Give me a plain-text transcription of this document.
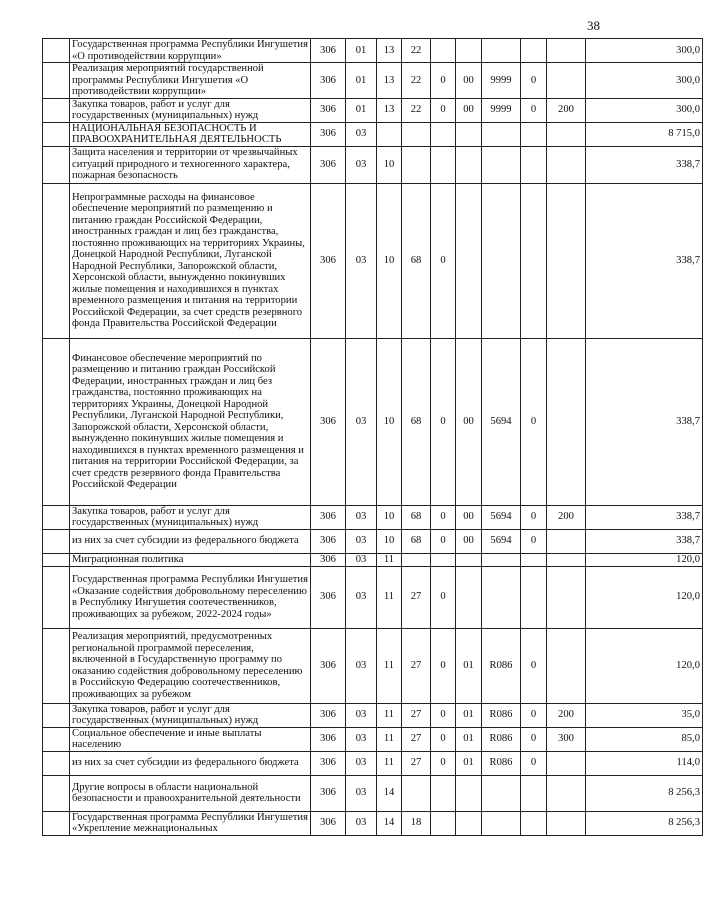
38
	Государственная программа Республики Ингушетия «О противодействии коррупции»	306	01	13	22						300,0
	Реализация мероприятий государственной программы Республики Ингушетия «О противодействии коррупции»	306	01	13	22	0	00	9999	0		300,0
	Закупка товаров, работ и услуг для государственных (муниципальных) нужд	306	01	13	22	0	00	9999	0	200	300,0
	НАЦИОНАЛЬНАЯ БЕЗОПАСНОСТЬ И ПРАВООХРАНИТЕЛЬНАЯ ДЕЯТЕЛЬНОСТЬ	306	03								8 715,0
	Защита населения и территории от чрезвычайных ситуаций природного и техногенного характера, пожарная безопасность	306	03	10							338,7
	Непрограммные расходы на финансовое обеспечение мероприятий по размещению и питанию граждан Российской Федерации, иностранных граждан и лиц без гражданства, постоянно проживающих на территориях Украины, Донецкой Народной Республики, Луганской Народной Республики, Запорожской области, Херсонской области, вынужденно покинувших жилые помещения и находившихся в пунктах временного размещения и питания на территории Российской Федерации, за счет средств резервного фонда Правительства Российской Федерации	306	03	10	68	0					338,7
	Финансовое обеспечение мероприятий по размещению и питанию граждан Российской Федерации, иностранных граждан и лиц без гражданства, постоянно проживающих на территориях Украины, Донецкой Народной Республики, Луганской Народной Республики, Запорожской области, Херсонской области, вынужденно покинувших жилые помещения и находившихся в пунктах временного размещения и питания на территории Российской Федерации, за счет средств резервного фонда Правительства Российской Федерации	306	03	10	68	0	00	5694	0		338,7
	Закупка товаров, работ и услуг для государственных (муниципальных) нужд	306	03	10	68	0	00	5694	0	200	338,7
	из них за счет субсидии из федерального бюджета	306	03	10	68	0	00	5694	0		338,7
	Миграционная политика	306	03	11							120,0
	Государственная программа Республики Ингушетия «Оказание содействия добровольному переселению в Республику Ингушетия соотечественников, проживающих за рубежом, 2022-2024 годы»	306	03	11	27	0					120,0
	Реализация мероприятий, предусмотренных региональной программой переселения, включенной в Государственную программу по оказанию содействия добровольному переселению в Российскую Федерацию соотечественников, проживающих за рубежом	306	03	11	27	0	01	R086	0		120,0
	Закупка товаров, работ и услуг для государственных (муниципальных) нужд	306	03	11	27	0	01	R086	0	200	35,0
	Социальное обеспечение и иные выплаты населению	306	03	11	27	0	01	R086	0	300	85,0
	из них за счет субсидии из федерального бюджета	306	03	11	27	0	01	R086	0		114,0
	Другие вопросы в области национальной безопасности и правоохранительной деятельности	306	03	14							8 256,3
	Государственная программа Республики Ингушетия «Укрепление межнациональных	306	03	14	18						8 256,3
